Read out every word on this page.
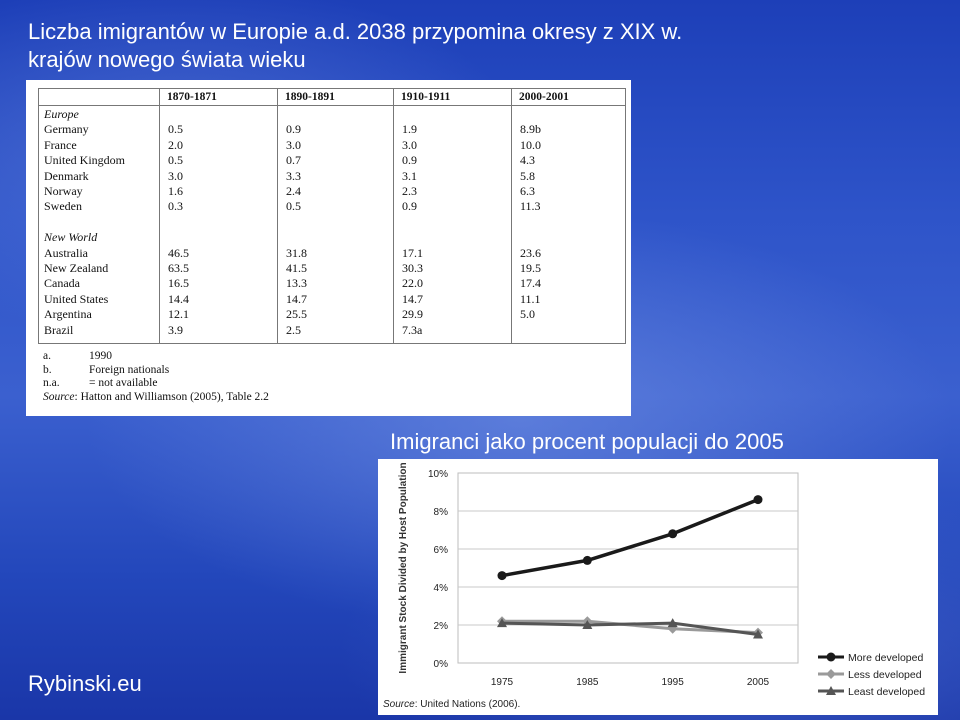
Liczba imigrantów w Europie a.d. 2038 przypomina okresy z XIX w.
krajów nowego świata wieku
1870-1871	1890-1891	1910-1911	2000-2001
Europe
Germany	0.5	0.9	1.9	8.9b
France	2.0	3.0	3.0	10.0
United Kingdom	0.5	0.7	0.9	4.3
Denmark	3.0	3.3	3.1	5.8
Norway	1.6	2.4	2.3	6.3
Sweden	0.3	0.5	0.9	11.3
New World
Australia	46.5	31.8	17.1	23.6
New Zealand	63.5	41.5	30.3	19.5
Canada	16.5	13.3	22.0	17.4
United States	14.4	14.7	14.7	11.1
Argentina	12.1	25.5	29.9	5.0
Brazil	3.9	2.5	7.3a
a.	1990
b.	Foreign nationals
n.a.	= not available
Source: Hatton and Williamson (2005), Table 2.2
Imigranci jako procent populacji do 2005
0%
2%
4%
6%
8%
10%
1975	1985	1995	2005
Immigrant Stock Divided by Host Population	More developed
Less developed
Least developed
Source: United Nations (2006).
Rybinski.eu
